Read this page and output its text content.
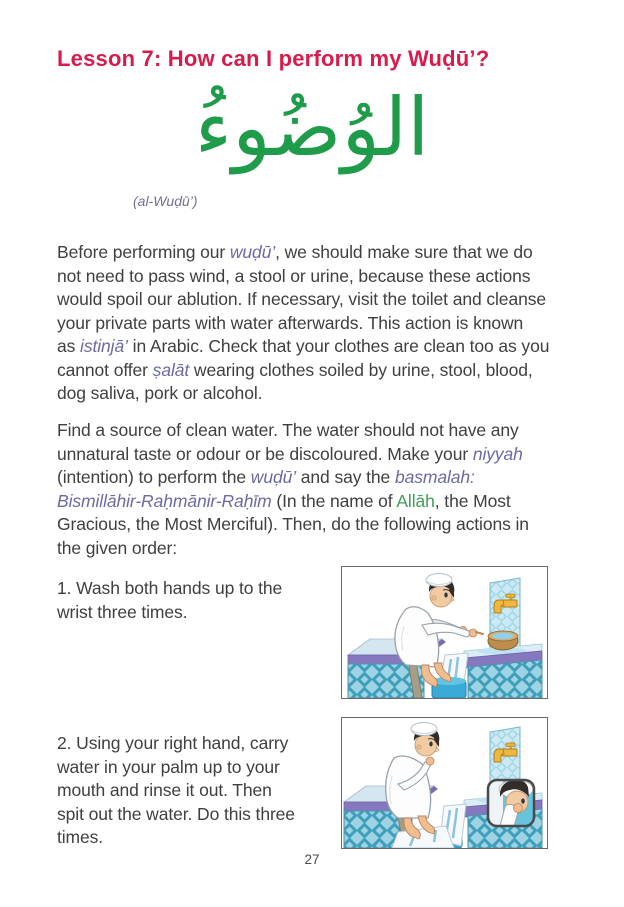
Lesson 7: How can I perform my Wuḍū’?
الوُضُوءُ
(al-Wuḍū’)

Before performing our wuḍū’, we should make sure that we do
not need to pass wind, a stool or urine, because these actions
would spoil our ablution. If necessary, visit the toilet and cleanse
your private parts with water afterwards. This action is known
as istinjā’ in Arabic. Check that your clothes are clean too as you
cannot offer ṣalāt wearing clothes soiled by urine, stool, blood,
dog saliva, pork or alcohol.

Find a source of clean water. The water should not have any
unnatural taste or odour or be discoloured. Make your niyyah
(intention) to perform the wuḍū’ and say the basmalah:
Bismillāhir-Raḥmānir-Raḥīm (In the name of Allāh, the Most
Gracious, the Most Merciful). Then, do the following actions in
the given order:

1. Wash both hands up to the
wrist three times.

2. Using your right hand, carry
water in your palm up to your
mouth and rinse it out. Then
spit out the water. Do this three
times.

27
